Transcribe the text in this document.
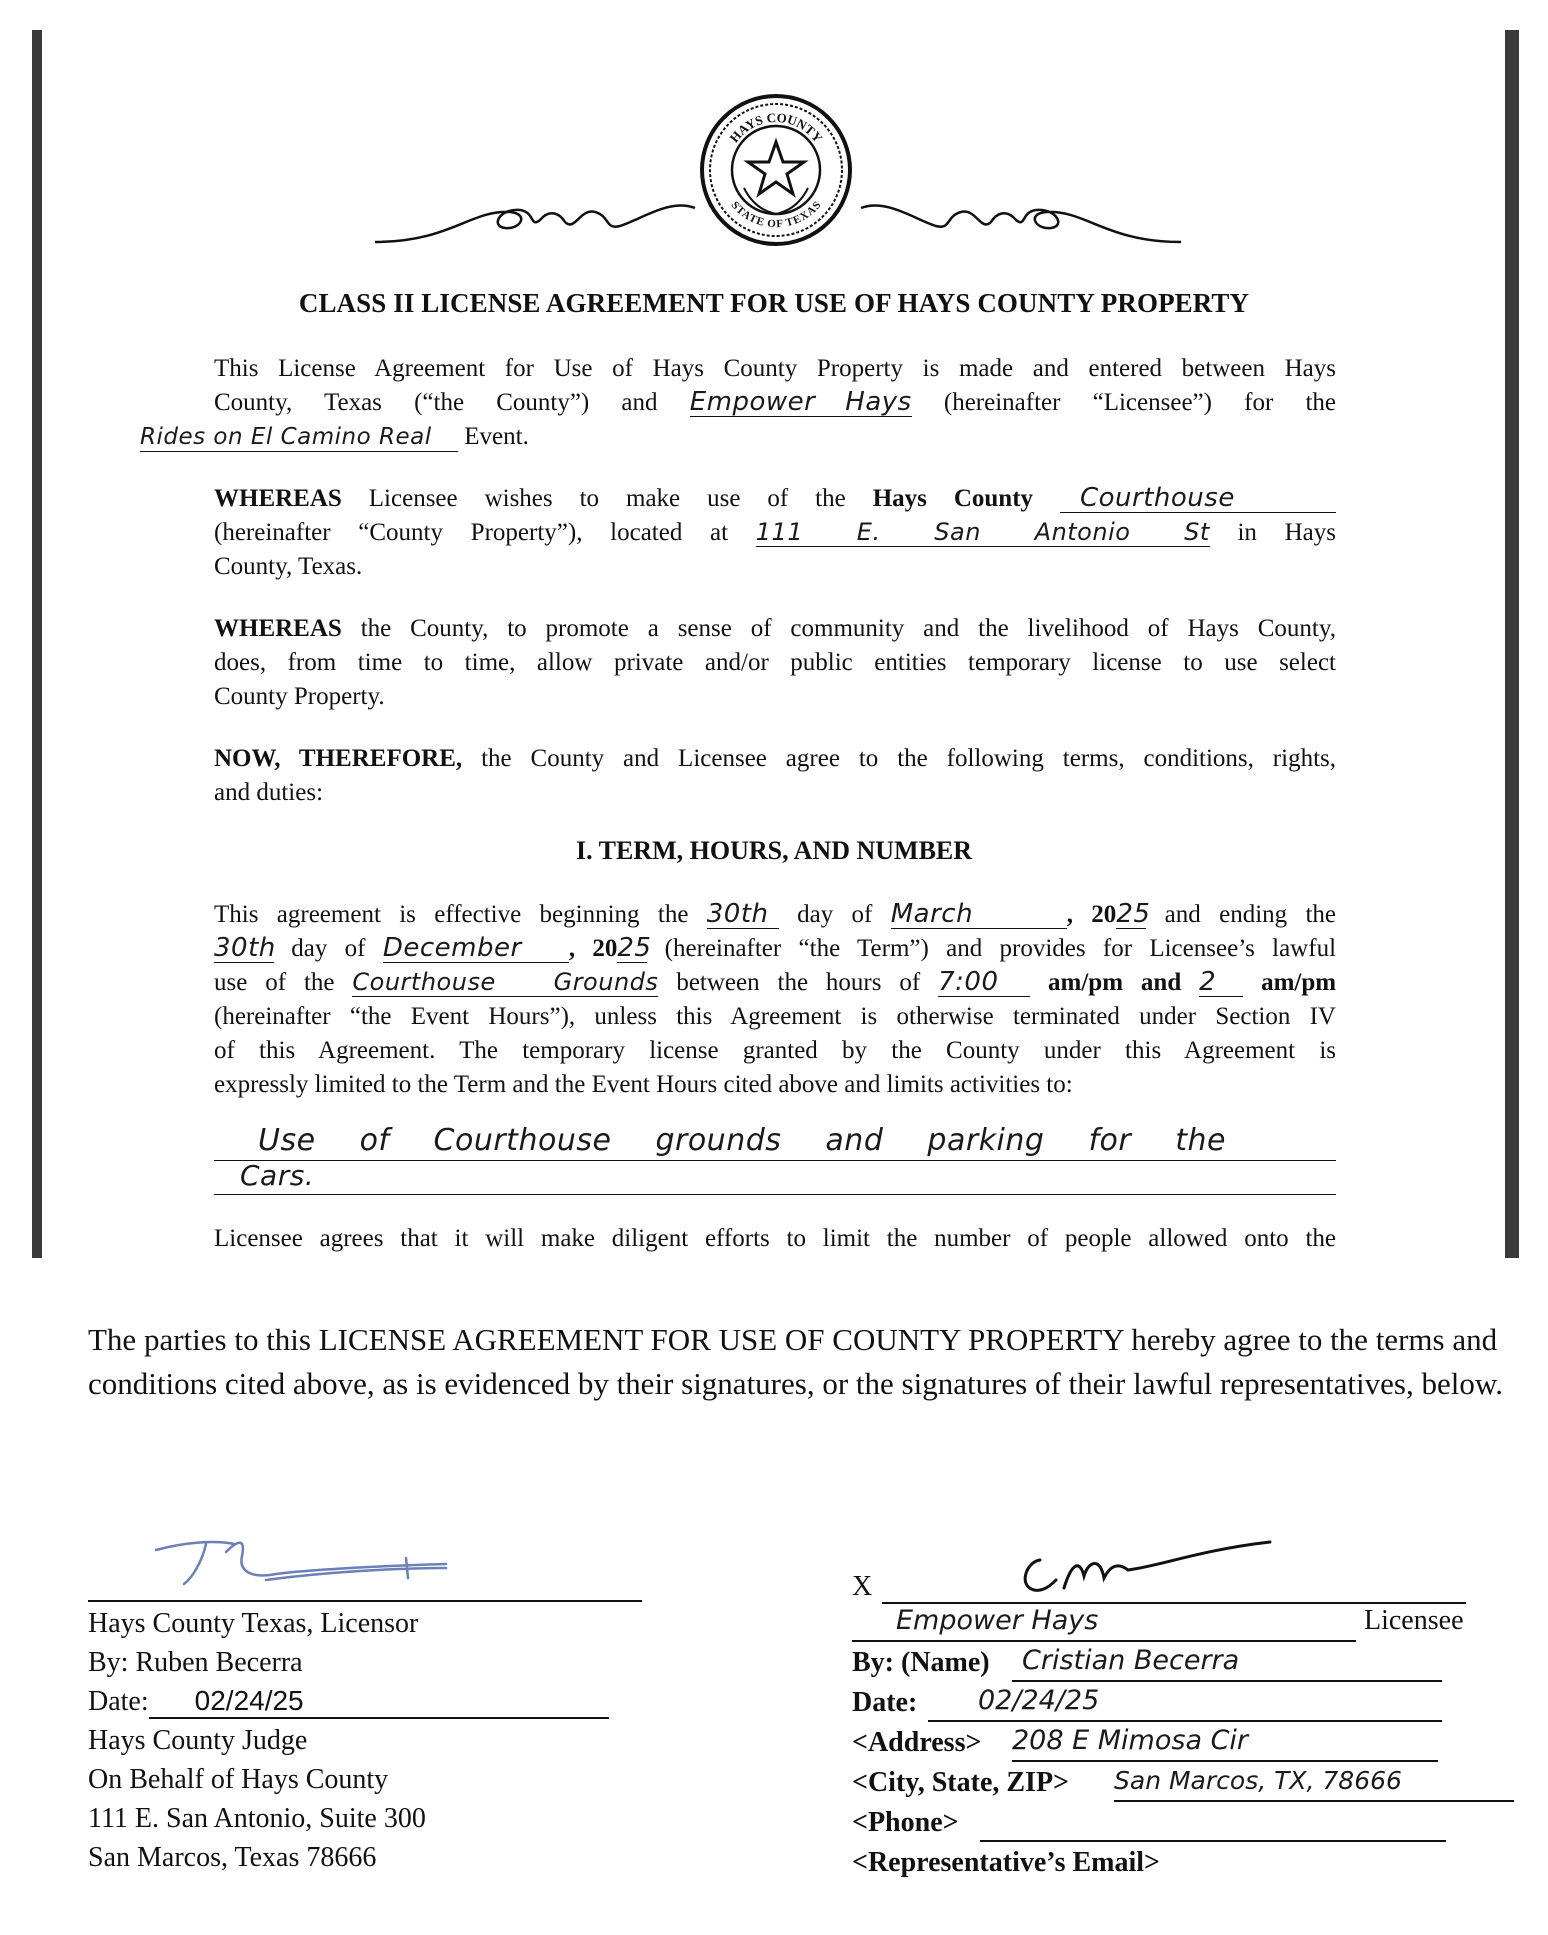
HAYS COUNTY
STATE OF TEXAS
CLASS II LICENSE AGREEMENT FOR USE OF HAYS COUNTY PROPERTY
This License Agreement for Use of Hays County Property is made and entered between Hays
County, Texas (“the County”) and Empower Hays (hereinafter “Licensee”) for the
Rides on El Camino Real Event.
WHEREAS Licensee wishes to make use of the Hays County Courthouse
(hereinafter “County Property”), located at 111 E. San Antonio St in Hays
County, Texas.
WHEREAS the County, to promote a sense of community and the livelihood of Hays County,
does, from time to time, allow private and/or public entities temporary license to use select
County Property.
NOW, THEREFORE, the County and Licensee agree to the following terms, conditions, rights,
and duties:
I. TERM, HOURS, AND NUMBER
This agreement is effective beginning the 30th day of March	, 2025 and ending the
30th day of December , 2025 (hereinafter “the Term”) and provides for Licensee’s lawful
use of the Courthouse Grounds between the hours of 7:00 am/pm and 2 am/pm
(hereinafter “the Event Hours”), unless this Agreement is otherwise terminated under Section IV
of this Agreement. The temporary license granted by the County under this Agreement is
expressly limited to the Term and the Event Hours cited above and limits activities to:
Use of Courthouse grounds and parking for the
Cars.
Licensee agrees that it will make diligent efforts to limit the number of people allowed onto the
The parties to this LICENSE AGREEMENT FOR USE OF COUNTY PROPERTY hereby agree to the terms and conditions cited above, as is evidenced by their signatures, or the signatures of their lawful representatives, below.
Hays County Texas, Licensor
By: Ruben Becerra
Date: 02/24/25
Hays County Judge
On Behalf of Hays County
111 E. San Antonio, Suite 300
San Marcos, Texas 78666
X
Empower Hays	Licensee
By: (Name)	Cristian Becerra
Date:	02/24/25
<Address> 208 E Mimosa Cir
<City, State, ZIP> San Marcos, TX, 78666
<Phone>
<Representative’s Email>
